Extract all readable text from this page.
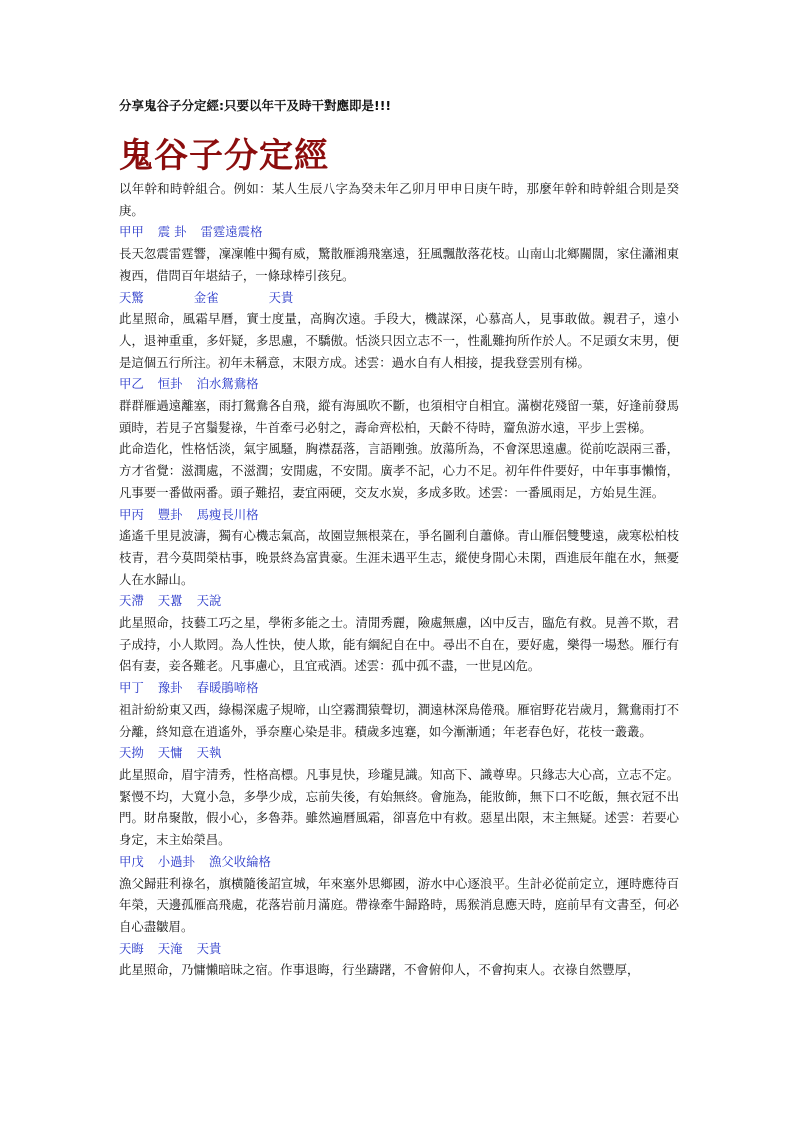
分享鬼谷子分定經:只要以年干及時干對應即是!!!

鬼谷子分定經

以年幹和時幹組合。例如：某人生辰八字為癸未年乙卯月甲申日庚午時，那麼年幹和時幹組合則是癸庚。

甲甲 震 卦 雷霆遠震格

長天忽震雷霆響，凜凜帷中獨有威，驚散雁鴻飛塞遠，狂風飄散落花枝。山南山北鄉關闊，家住瀟湘東複西，借問百年堪結子，一條球棒引孩兒。

天驚	金雀	天貴

此星照命，風霜早曆，實士度量，高胸次遠。手段大，機謀深，心慕高人，見事敢做。親君子，遠小人，退神重重，多奸疑，多思慮，不驕傲。恬淡只因立志不一，性亂難拘所作於人。不足頭女末男，便是這個五行所注。初年未稱意，末限方成。述雲：過水自有人相接，提我登雲別有梯。

甲乙 恒卦 泊水鴛鴦格

群群雁過遠離塞，雨打鴛鴦各自飛，縱有海風吹不斷，也須相守自相宜。滿樹花殘留一葉，好逢前發馬頭時，若見子宮鬚髮祿，牛首牽弓必射之，壽命齊松柏，天齡不待時，齏魚游水遠，平步上雲梯。

此命造化，性格恬淡，氣宇風騷，胸襟磊落，言語剛強。放蕩所為，不會深思遠慮。從前吃誤兩三番，方才省覺：滋潤處，不滋潤；安閒處，不安閒。廣孝不記，心力不足。初年件件要好，中年事事懶惰，凡事要一番做兩番。頭子難招，妻宜兩硬，交友水炭，多成多敗。述雲：一番風雨足，方始見生涯。

甲丙 豐卦 馬瘦長川格

遙遙千里見波濤，獨有心機志氣高，故園豈無根菜在，爭名圖利自蕭條。青山雁侶雙雙遠，歲寒松柏枝枝青，君今莫問榮枯事，晚景終為富貴豪。生涯未遇平生志，縱使身閒心未閑，酉進辰年龍在水，無憂人在水歸山。

天滯 天囂 天說

此星照命，技藝工巧之星，學術多能之士。清閒秀麗，險處無慮，凶中反吉，臨危有救。見善不欺，君子成持，小人欺罔。為人性快，使人欺，能有綱紀自在中。尋出不自在，要好處，樂得一場愁。雁行有侶有妻，妾各難老。凡事慮心，且宜戒酒。述雲：孤中孤不盡，一世見凶危。

甲丁 豫卦 春暖鵑啼格

祖計紛紛東又西，綠楊深處子規啼，山空霧潤猿聲切，澗遠林深鳥倦飛。雁宿野花岩歲月，鴛鴦雨打不分離，終知意在逍遙外，爭奈塵心染是非。積歲多迍蹇，如今漸漸通；年老春色好，花枝一叢叢。

天拗 天慵 天執

此星照命，眉宇清秀，性格高標。凡事見快，珍瓏見識。知高下、識尊卑。只緣志大心高，立志不定。緊慢不均，大寬小急，多學少成，忘前失後，有始無終。會施為，能妝飾，無下口不吃飯，無衣冠不出門。財帛聚散，假小心，多魯莽。雖然遍曆風霜，卻喜危中有救。惡星出限，末主無疑。述雲：若要心身定，末主始榮昌。

甲戊 小過卦 漁父收綸格

漁父歸莊利祿名，旗横隨後詔宣城，年來塞外思鄉國，游水中心逐浪平。生計必從前定立，運時應待百年榮，天邊孤雁高飛處，花落岩前月滿庭。帶祿牽牛歸路時，馬猴消息應天時，庭前早有文書至，何必自心盡皺眉。

天晦 天淹 天貴

此星照命，乃慵懶暗昧之宿。作事退晦，行坐躊躇，不會俯仰人，不會拘束人。衣祿自然豐厚，
